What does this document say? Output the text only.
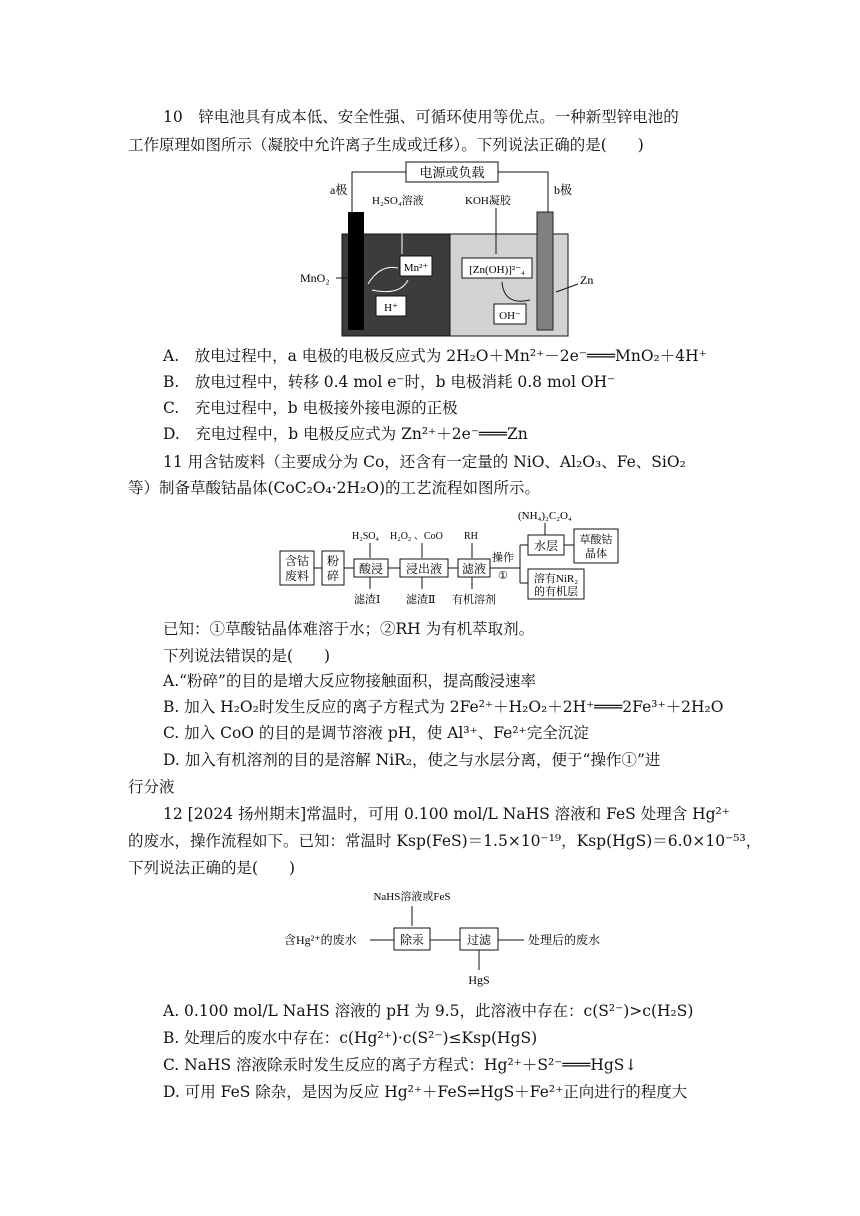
10　锌电池具有成本低、安全性强、可循环使用等优点。一种新型锌电池的
工作原理如图所示（凝胶中允许离子生成或迁移）。下列说法正确的是(　　)
电源或负载
a极	b极
H₂SO₄溶液	KOH凝胶
Mn²⁺
H⁺
[Zn(OH)]²⁻₄
OH⁻
MnO₂	Zn
A.　放电过程中，a 电极的电极反应式为 2H₂O＋Mn²⁺－2e⁻═══MnO₂＋4H⁺
B.　放电过程中，转移 0.4 mol e⁻时，b 电极消耗 0.8 mol OH⁻
C.　充电过程中，b 电极接外接电源的正极
D.　充电过程中，b 电极反应式为 Zn²⁺＋2e⁻═══Zn
11 用含钴废料（主要成分为 Co，还含有一定量的 NiO、Al₂O₃、Fe、SiO₂
等）制备草酸钴晶体(CoC₂O₄·2H₂O)的工艺流程如图所示。
(NH₄)₂C₂O₄
含钴
废料
粉
碎
H₂SO₄
酸浸
滤渣Ⅰ
H₂O₂ 、CoO
浸出液
滤渣Ⅱ
RH
滤液
有机溶剂
操作
①
水层 草酸钴
晶体
溶有NiR₂
的有机层
已知：①草酸钴晶体难溶于水；②RH 为有机萃取剂。
下列说法错误的是(　　)
A.“粉碎”的目的是增大反应物接触面积，提高酸浸速率
B. 加入 H₂O₂时发生反应的离子方程式为 2Fe²⁺＋H₂O₂＋2H⁺═══2Fe³⁺＋2H₂O
C. 加入 CoO 的目的是调节溶液 pH，使 Al³⁺、Fe²⁺完全沉淀
D. 加入有机溶剂的目的是溶解 NiR₂，使之与水层分离，便于“操作①”进
行分液
12 [2024 扬州期末]常温时，可用 0.100 mol/L NaHS 溶液和 FeS 处理含 Hg²⁺
的废水，操作流程如下。已知：常温时 Ksp(FeS)＝1.5×10⁻¹⁹，Ksp(HgS)＝6.0×10⁻⁵³，
下列说法正确的是(　　)
NaHS溶液或FeS
含Hg²⁺的废水	除汞	过滤	处理后的废水
HgS
A. 0.100 mol/L NaHS 溶液的 pH 为 9.5，此溶液中存在：c(S²⁻)>c(H₂S)
B. 处理后的废水中存在：c(Hg²⁺)·c(S²⁻)≤Ksp(HgS)
C. NaHS 溶液除汞时发生反应的离子方程式：Hg²⁺＋S²⁻═══HgS↓
D. 可用 FeS 除杂，是因为反应 Hg²⁺＋FeS⇌HgS＋Fe²⁺正向进行的程度大
